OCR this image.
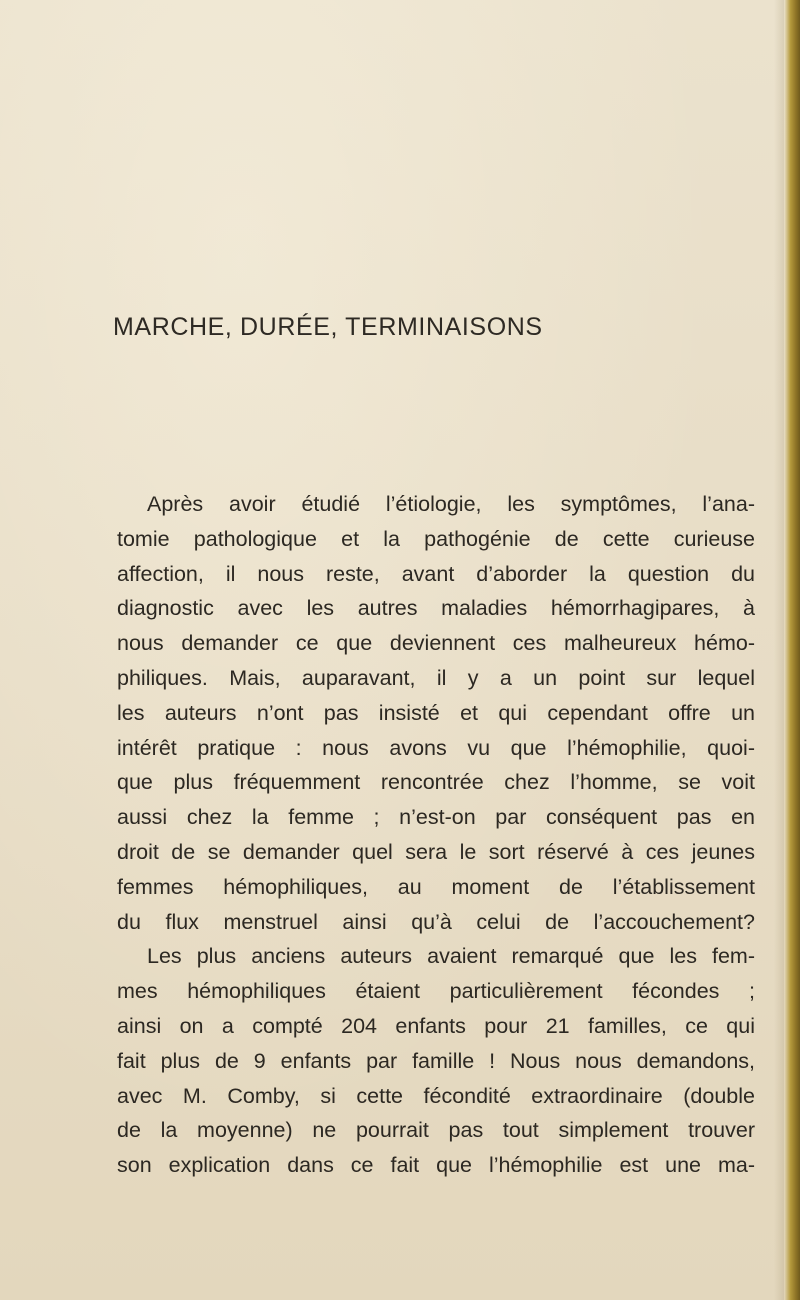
MARCHE, DURÉE, TERMINAISONS
Après avoir étudié l’étiologie, les symptômes, l’ana-
tomie pathologique et la pathogénie de cette curieuse
affection, il nous reste, avant d’aborder la question du
diagnostic avec les autres maladies hémorrhagipares, à
nous demander ce que deviennent ces malheureux hémo-
philiques. Mais, auparavant, il y a un point sur lequel
les auteurs n’ont pas insisté et qui cependant offre un
intérêt pratique : nous avons vu que l’hémophilie, quoi-
que plus fréquemment rencontrée chez l’homme, se voit
aussi chez la femme ; n’est-on par conséquent pas en
droit de se demander quel sera le sort réservé à ces jeunes
femmes hémophiliques, au moment de l’établissement
du flux menstruel ainsi qu’à celui de l’accouchement?
Les plus anciens auteurs avaient remarqué que les fem-
mes hémophiliques étaient particulièrement fécondes ;
ainsi on a compté 204 enfants pour 21 familles, ce qui
fait plus de 9 enfants par famille ! Nous nous demandons,
avec M. Comby, si cette fécondité extraordinaire (double
de la moyenne) ne pourrait pas tout simplement trouver
son explication dans ce fait que l’hémophilie est une ma-
